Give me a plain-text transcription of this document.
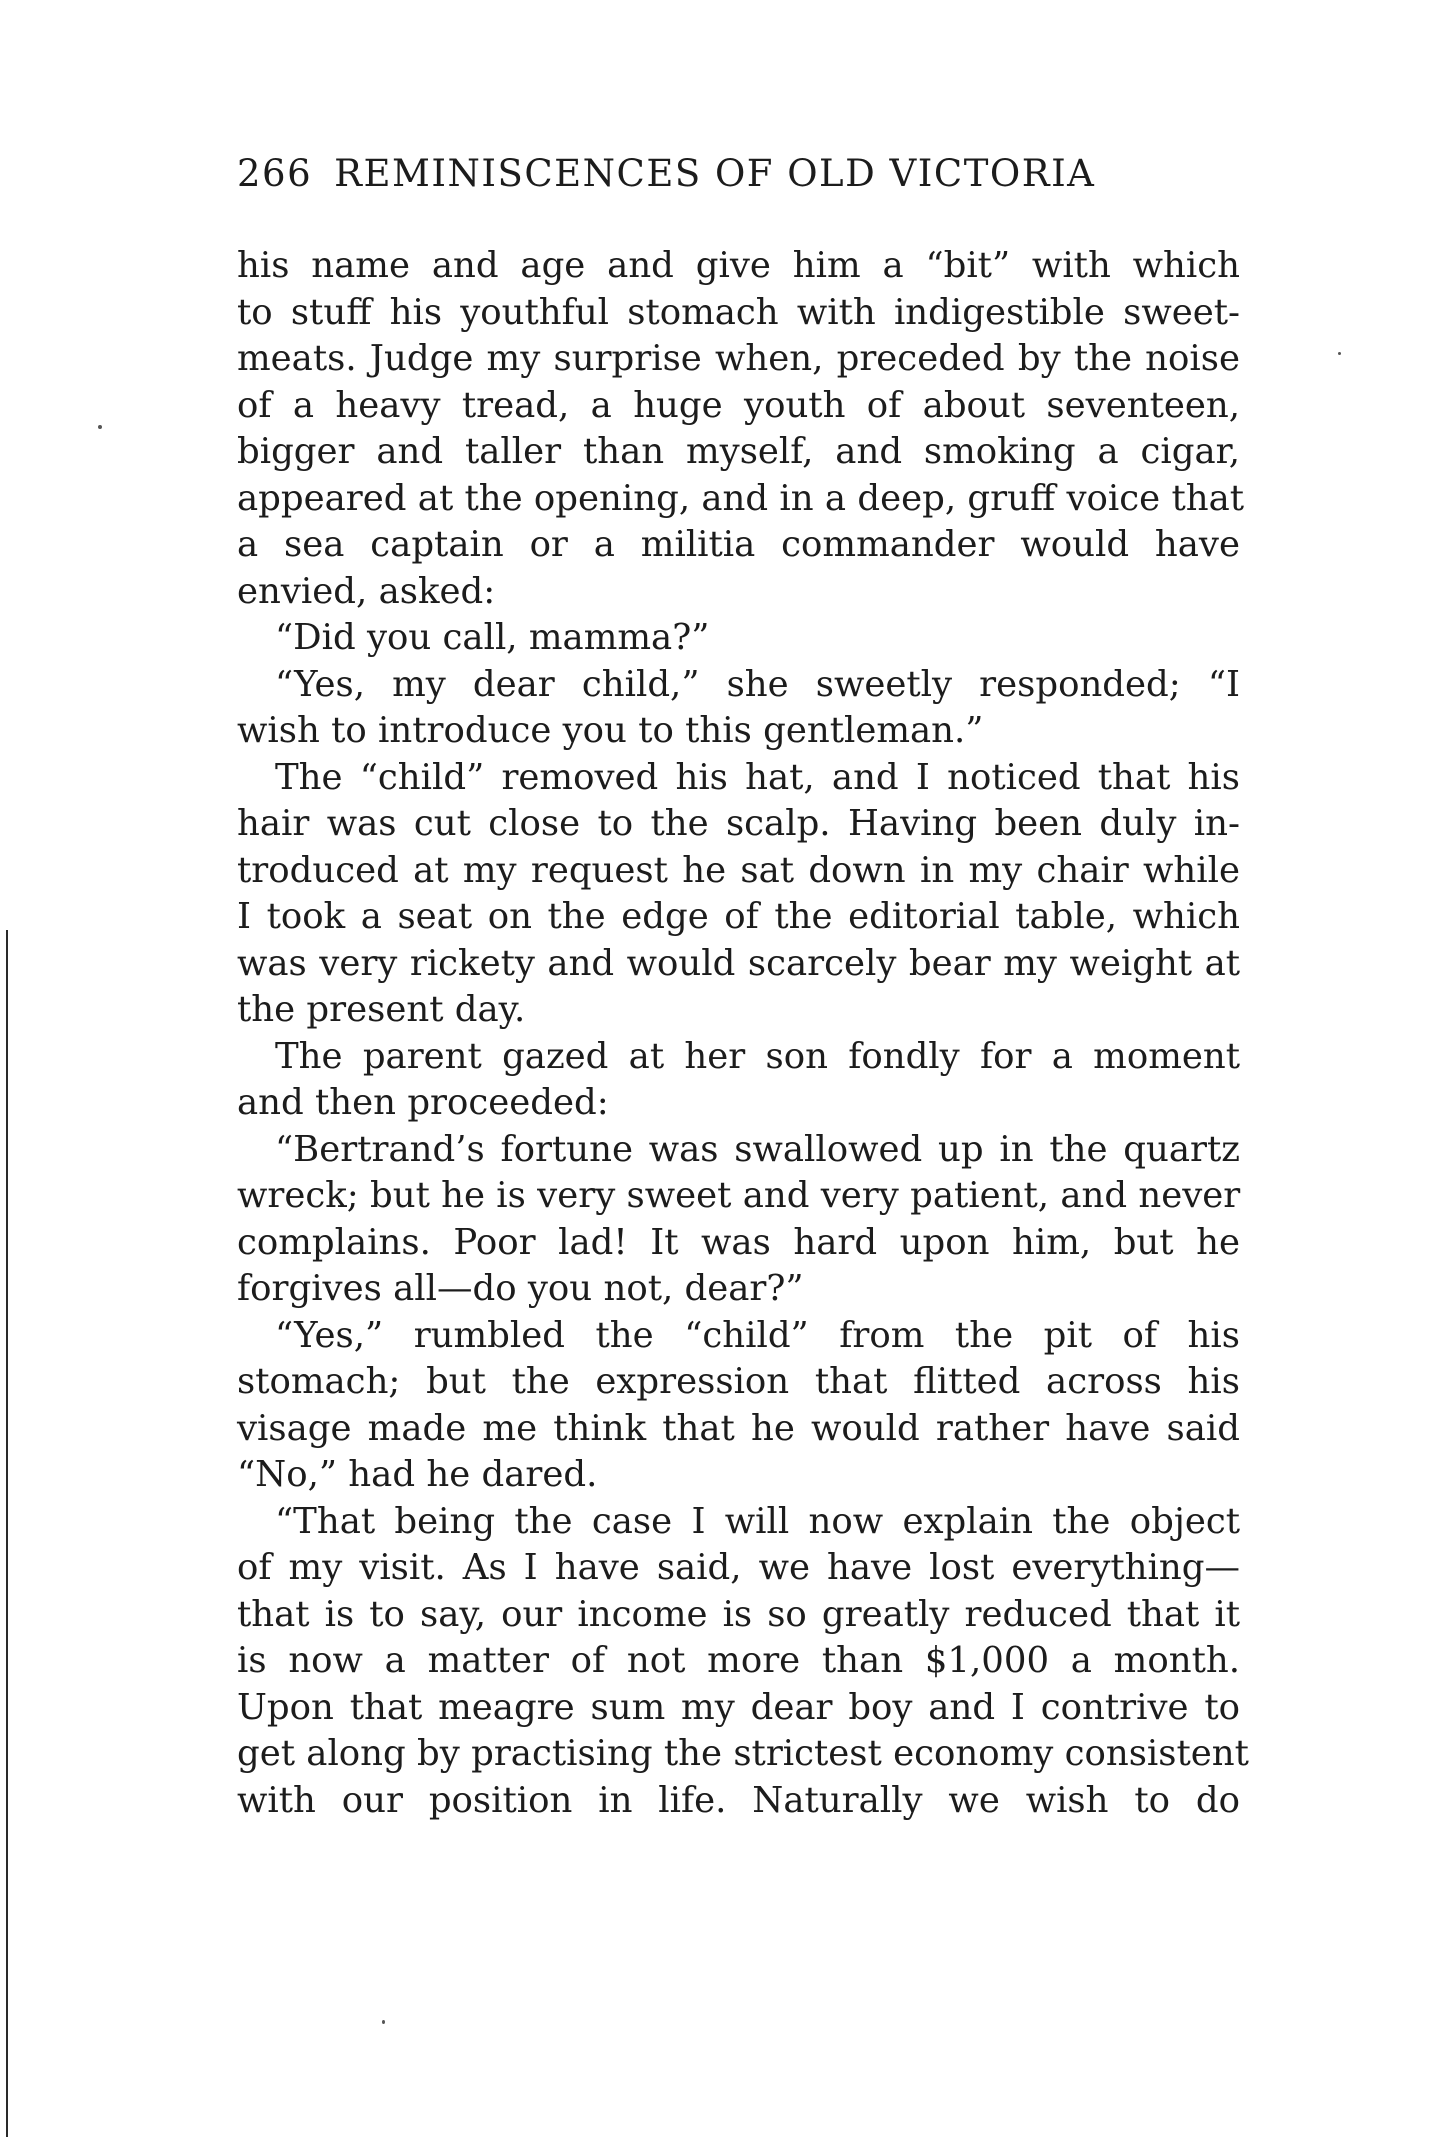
266 REMINISCENCES OF OLD VICTORIA
his name and age and give him a “bit” with which
to stuff his youthful stomach with indigestible sweet-
meats. Judge my surprise when, preceded by the noise
of a heavy tread, a huge youth of about seventeen,
bigger and taller than myself, and smoking a cigar,
appeared at the opening, and in a deep, gruff voice that
a sea captain or a militia commander would have
envied, asked:
“Did you call, mamma?”
“Yes, my dear child,” she sweetly responded; “I
wish to introduce you to this gentleman.”
The “child” removed his hat, and I noticed that his
hair was cut close to the scalp. Having been duly in-
troduced at my request he sat down in my chair while
I took a seat on the edge of the editorial table, which
was very rickety and would scarcely bear my weight at
the present day.
The parent gazed at her son fondly for a moment
and then proceeded:
“Bertrand’s fortune was swallowed up in the quartz
wreck; but he is very sweet and very patient, and never
complains. Poor lad! It was hard upon him, but he
forgives all—do you not, dear?”
“Yes,” rumbled the “child” from the pit of his
stomach; but the expression that flitted across his
visage made me think that he would rather have said
“No,” had he dared.
“That being the case I will now explain the object
of my visit. As I have said, we have lost everything—
that is to say, our income is so greatly reduced that it
is now a matter of not more than $1,000 a month.
Upon that meagre sum my dear boy and I contrive to
get along by practising the strictest economy consistent
with our position in life. Naturally we wish to do
